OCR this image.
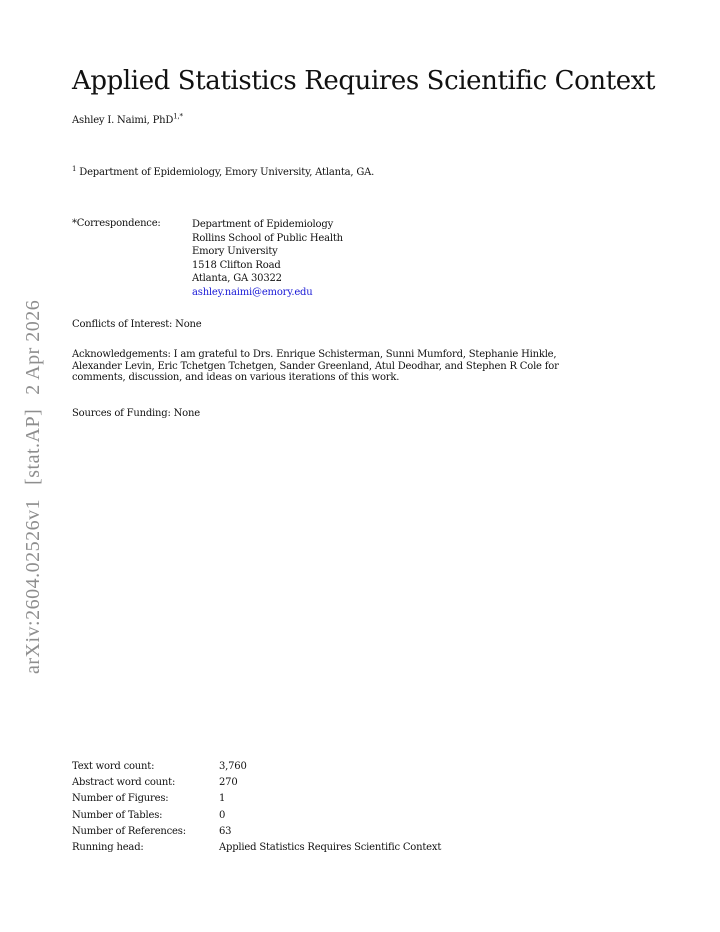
arXiv:2604.02526v1[stat.AP]2 Apr 2026
Applied Statistics Requires Scientific Context
Ashley I. Naimi, PhD$^{1,*}$
$^1$ Department of Epidemiology, Emory University, Atlanta, GA.
*Correspondence:	Department of Epidemiology
Rollins School of Public Health
Emory University
1518 Clifton Road
Atlanta, GA 30322
ashley.naimi@emory.edu
Conflicts of Interest: None
Acknowledgements: I am grateful to Drs. Enrique Schisterman, Sunni Mumford, Stephanie Hinkle,
Alexander Levin, Eric Tchetgen Tchetgen, Sander Greenland, Atul Deodhar, and Stephen R Cole for
comments, discussion, and ideas on various iterations of this work.
Sources of Funding: None
Text word count:	3,760
Abstract word count:	270
Number of Figures:	1
Number of Tables:	0
Number of References:	63
Running head:	Applied Statistics Requires Scientific Context
